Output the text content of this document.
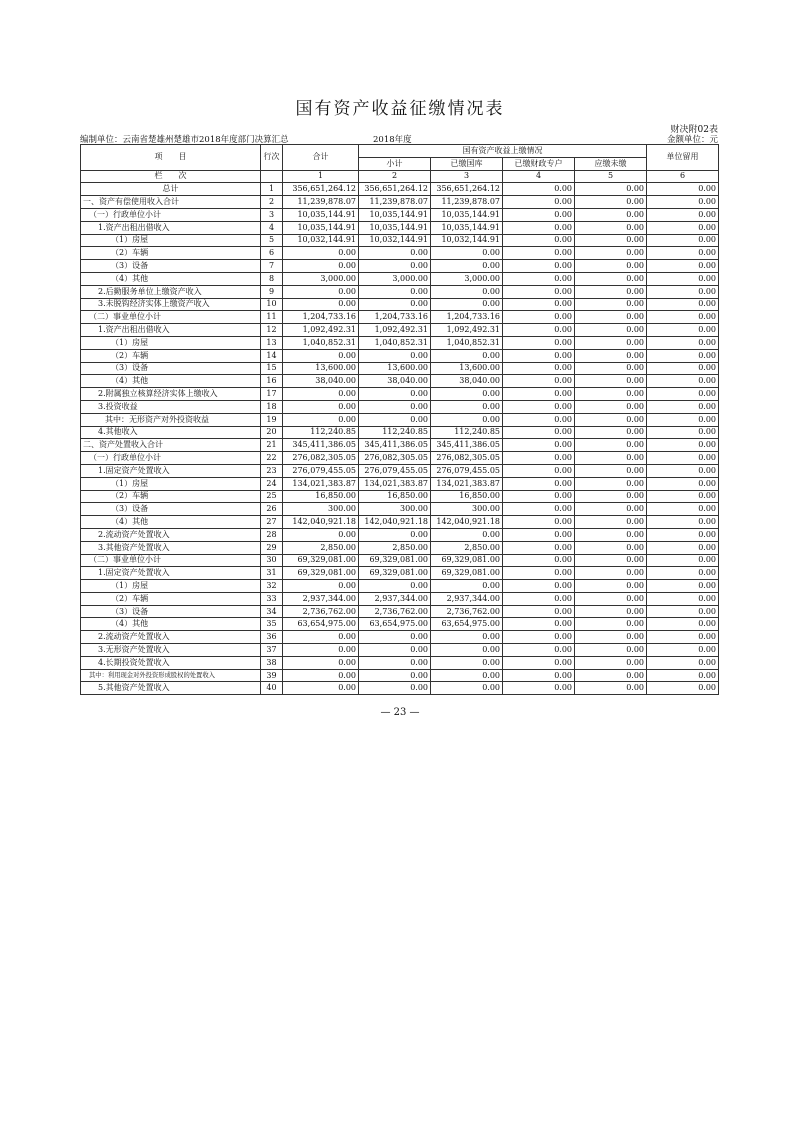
国有资产收益征缴情况表
财决附02表
编制单位：云南省楚雄州楚雄市2018年度部门决算汇总	2018年度	金额单位：元
项　　目	行次	合计	国有资产收益上缴情况				单位留用
			小计	已缴国库	已缴财政专户	应缴未缴	
栏　　次		1	2	3	4	5	6
总计	1	356,651,264.12	356,651,264.12	356,651,264.12	0.00	0.00	0.00
一、资产有偿使用收入合计	2	11,239,878.07	11,239,878.07	11,239,878.07	0.00	0.00	0.00
（一）行政单位小计	3	10,035,144.91	10,035,144.91	10,035,144.91	0.00	0.00	0.00
1.资产出租出借收入	4	10,035,144.91	10,035,144.91	10,035,144.91	0.00	0.00	0.00
（1）房屋	5	10,032,144.91	10,032,144.91	10,032,144.91	0.00	0.00	0.00
（2）车辆	6	0.00	0.00	0.00	0.00	0.00	0.00
（3）设备	7	0.00	0.00	0.00	0.00	0.00	0.00
（4）其他	8	3,000.00	3,000.00	3,000.00	0.00	0.00	0.00
2.后勤服务单位上缴资产收入	9	0.00	0.00	0.00	0.00	0.00	0.00
3.未脱钩经济实体上缴资产收入	10	0.00	0.00	0.00	0.00	0.00	0.00
（二）事业单位小计	11	1,204,733.16	1,204,733.16	1,204,733.16	0.00	0.00	0.00
1.资产出租出借收入	12	1,092,492.31	1,092,492.31	1,092,492.31	0.00	0.00	0.00
（1）房屋	13	1,040,852.31	1,040,852.31	1,040,852.31	0.00	0.00	0.00
（2）车辆	14	0.00	0.00	0.00	0.00	0.00	0.00
（3）设备	15	13,600.00	13,600.00	13,600.00	0.00	0.00	0.00
（4）其他	16	38,040.00	38,040.00	38,040.00	0.00	0.00	0.00
2.附属独立核算经济实体上缴收入	17	0.00	0.00	0.00	0.00	0.00	0.00
3.投资收益	18	0.00	0.00	0.00	0.00	0.00	0.00
其中：无形资产对外投资收益	19	0.00	0.00	0.00	0.00	0.00	0.00
4.其他收入	20	112,240.85	112,240.85	112,240.85	0.00	0.00	0.00
二、资产处置收入合计	21	345,411,386.05	345,411,386.05	345,411,386.05	0.00	0.00	0.00
（一）行政单位小计	22	276,082,305.05	276,082,305.05	276,082,305.05	0.00	0.00	0.00
1.固定资产处置收入	23	276,079,455.05	276,079,455.05	276,079,455.05	0.00	0.00	0.00
（1）房屋	24	134,021,383.87	134,021,383.87	134,021,383.87	0.00	0.00	0.00
（2）车辆	25	16,850.00	16,850.00	16,850.00	0.00	0.00	0.00
（3）设备	26	300.00	300.00	300.00	0.00	0.00	0.00
（4）其他	27	142,040,921.18	142,040,921.18	142,040,921.18	0.00	0.00	0.00
2.流动资产处置收入	28	0.00	0.00	0.00	0.00	0.00	0.00
3.其他资产处置收入	29	2,850.00	2,850.00	2,850.00	0.00	0.00	0.00
（二）事业单位小计	30	69,329,081.00	69,329,081.00	69,329,081.00	0.00	0.00	0.00
1.固定资产处置收入	31	69,329,081.00	69,329,081.00	69,329,081.00	0.00	0.00	0.00
（1）房屋	32	0.00	0.00	0.00	0.00	0.00	0.00
（2）车辆	33	2,937,344.00	2,937,344.00	2,937,344.00	0.00	0.00	0.00
（3）设备	34	2,736,762.00	2,736,762.00	2,736,762.00	0.00	0.00	0.00
（4）其他	35	63,654,975.00	63,654,975.00	63,654,975.00	0.00	0.00	0.00
2.流动资产处置收入	36	0.00	0.00	0.00	0.00	0.00	0.00
3.无形资产处置收入	37	0.00	0.00	0.00	0.00	0.00	0.00
4.长期投资处置收入	38	0.00	0.00	0.00	0.00	0.00	0.00
其中：利用现金对外投资形成股权的处置收入	39	0.00	0.00	0.00	0.00	0.00	0.00
5.其他资产处置收入	40	0.00	0.00	0.00	0.00	0.00	0.00
— 23 —
